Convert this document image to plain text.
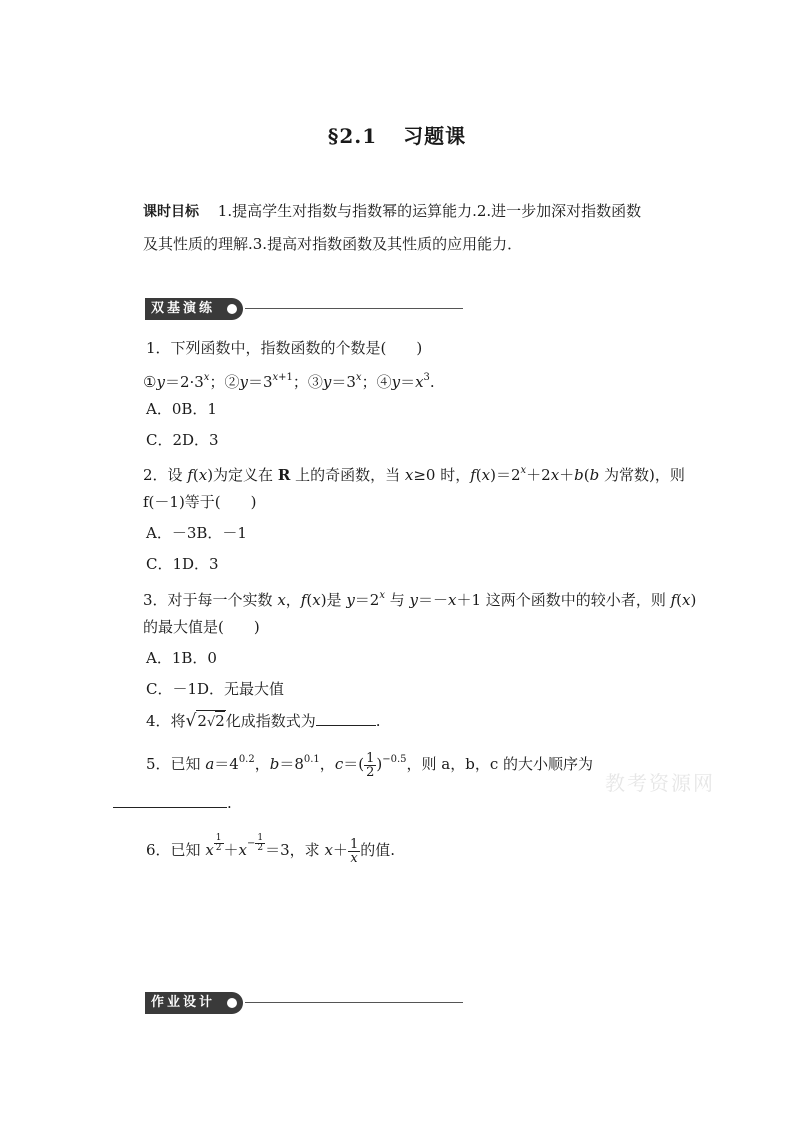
§2.1 习题课
课时目标 1.提高学生对指数与指数幂的运算能力.2.进一步加深对指数函数
及其性质的理解.3.提高对指数函数及其性质的应用能力．
双基演练
1．下列函数中，指数函数的个数是(　　)
$①y=2\cdot 3^x$；$②y=3^{x+1}$；$③y=3^x$；$④y=x^3$.
A．0B．1
C．2D．3
2．设 f(x)为定义在 R 上的奇函数，当 x≥0 时，$f(x)=2^x+2x+b(b$ 为常数)，则
f(－1)等于(　　)
A．－3B．－1
C．1D．3
3．对于每一个实数 x，f(x)是 $y=2^x$ 与 y＝－x＋1 这两个函数中的较小者，则 f(x)
的最大值是(　　)
A．1B．0
C．－1D．无最大值
4．将√2√2化成指数式为	.
5．已知 $a=4^{0.2}$，$b=8^{0.1}$，$c=( \frac{1}{2} )^{-0.5}$，则 a，b，c 的大小顺序为
教考资源网
.
6．已知 x $^{\frac{1}{2}} +x^{- \frac{1}{2}} =3$，求 $x+ \frac{1}{x}$ 的值.
作业设计
